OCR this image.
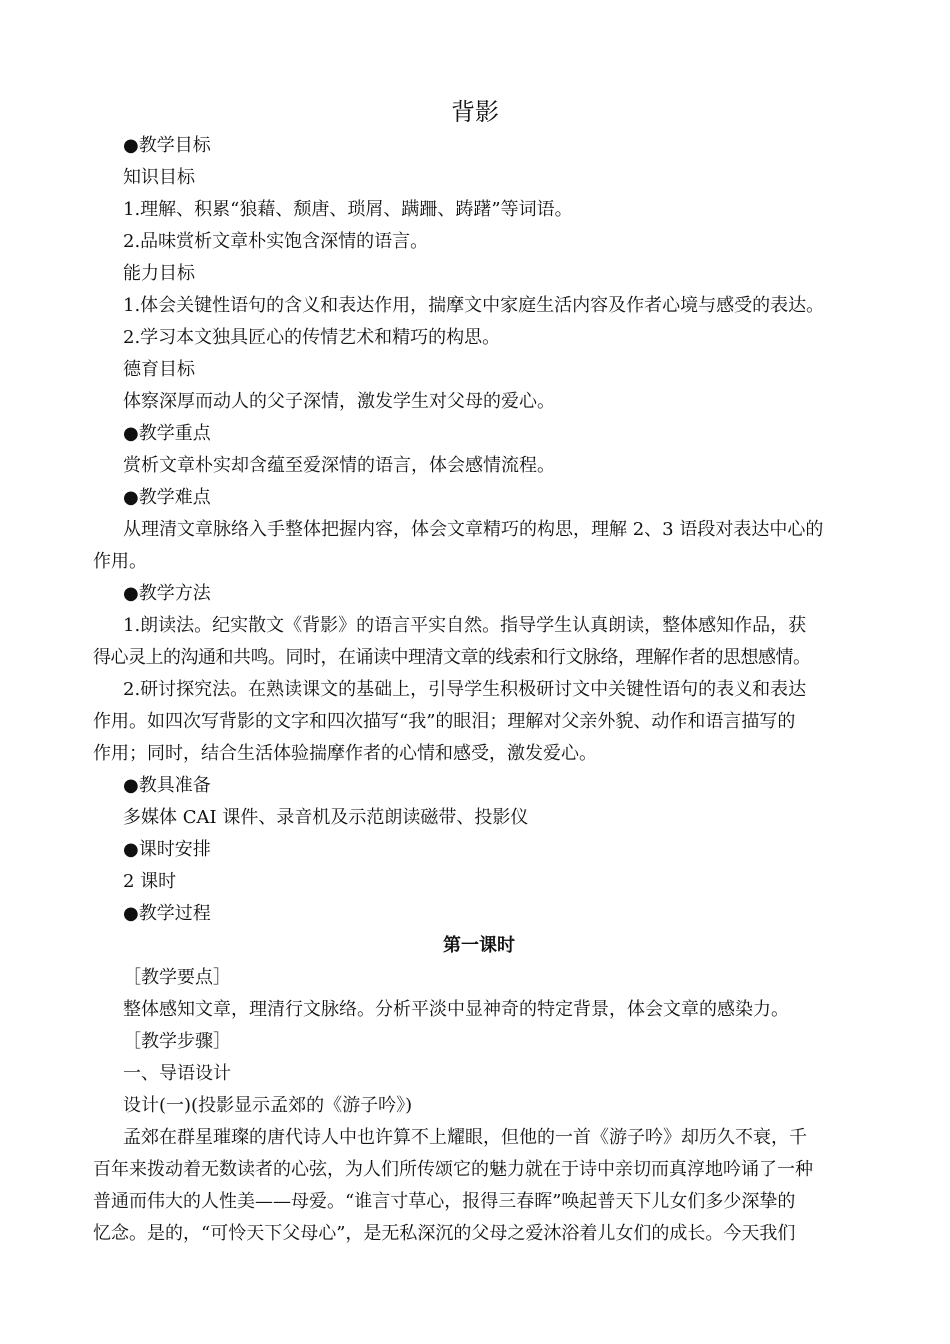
背影
●教学目标
知识目标
1.理解、积累“狼藉、颓唐、琐屑、蹒跚、踌躇”等词语。
2.品味赏析文章朴实饱含深情的语言。
能力目标
1.体会关键性语句的含义和表达作用，揣摩文中家庭生活内容及作者心境与感受的表达。
2.学习本文独具匠心的传情艺术和精巧的构思。
德育目标
体察深厚而动人的父子深情，激发学生对父母的爱心。
●教学重点
赏析文章朴实却含蕴至爱深情的语言，体会感情流程。
●教学难点
从理清文章脉络入手整体把握内容，体会文章精巧的构思，理解 2、3 语段对表达中心的
作用。
●教学方法
1.朗读法。纪实散文《背影》的语言平实自然。指导学生认真朗读，整体感知作品，获
得心灵上的沟通和共鸣。同时，在诵读中理清文章的线索和行文脉络，理解作者的思想感情。
2.研讨探究法。在熟读课文的基础上，引导学生积极研讨文中关键性语句的表义和表达
作用。如四次写背影的文字和四次描写“我”的眼泪；理解对父亲外貌、动作和语言描写的
作用；同时，结合生活体验揣摩作者的心情和感受，激发爱心。
●教具准备
多媒体 CAI 课件、录音机及示范朗读磁带、投影仪
●课时安排
2 课时
●教学过程
第一课时
［教学要点］
整体感知文章，理清行文脉络。分析平淡中显神奇的特定背景，体会文章的感染力。
［教学步骤］
一、导语设计
设计(一)(投影显示孟郊的《游子吟》)
孟郊在群星璀璨的唐代诗人中也许算不上耀眼，但他的一首《游子吟》却历久不衰，千
百年来拨动着无数读者的心弦，为人们所传颂它的魅力就在于诗中亲切而真淳地吟诵了一种
普通而伟大的人性美——母爱。“谁言寸草心，报得三春晖”唤起普天下儿女们多少深挚的
忆念。是的，“可怜天下父母心”，是无私深沉的父母之爱沐浴着儿女们的成长。今天我们
